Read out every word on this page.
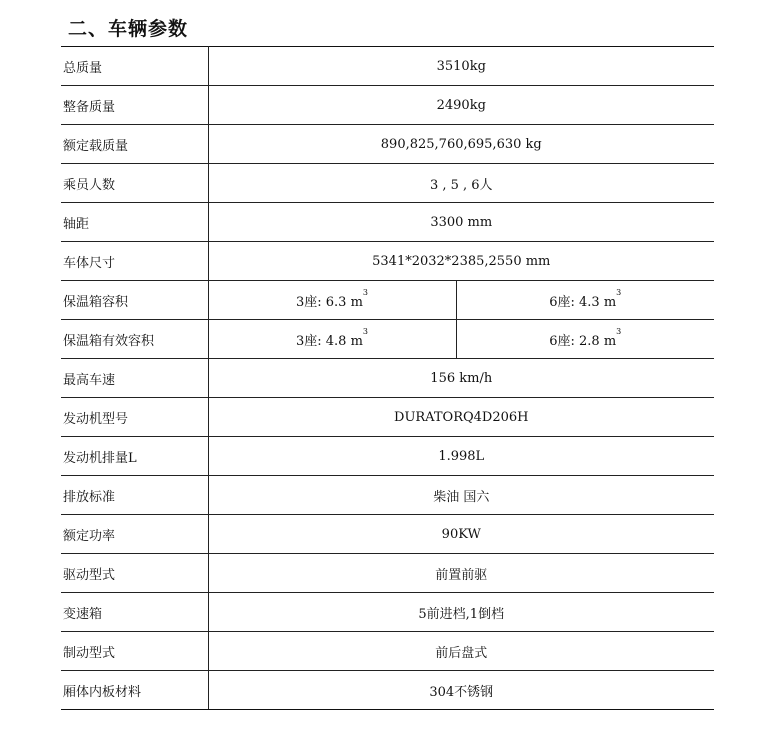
二、车辆参数
总质量	3510kg	
整备质量	2490kg	
额定载质量	890,825,760,695,630 kg	
乘员人数	3 , 5 , 6人	
轴距	3300 mm	
车体尺寸	5341*2032*2385,2550 mm	
保温箱容积	3座: 6.3 $m^3$	6座: 4.3 $m^3$
保温箱有效容积	3座: 4.8 $m^3$	6座: 2.8 $m^3$
最高车速	156 km/h	
发动机型号	DURATORQ4D206H	
发动机排量L	1.998L	
排放标准	柴油 国六	
额定功率	90KW	
驱动型式	前置前驱	
变速箱	5前进档,1倒档	
制动型式	前后盘式	
厢体内板材料	304不锈钢	
